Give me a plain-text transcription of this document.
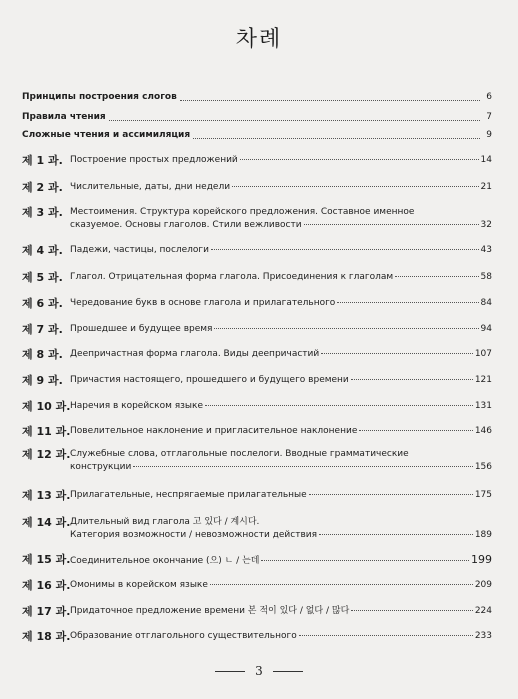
차례
Принципы построения слогов	6
Правила чтения	7
Сложные чтения и ассимиляция	9
제 1 과. Построение простых предложений	14
제 2 과. Числительные, даты, дни недели	21
제 3 과. Местоимения. Структура корейского предложения. Составное именное
сказуемое. Основы глаголов. Стили вежливости	32
제 4 과. Падежи, частицы, послелоги	43
제 5 과. Глагол. Отрицательная форма глагола. Присоединения к глаголам	58
제 6 과. Чередование букв в основе глагола и прилагательного	84
제 7 과. Прошедшее и будущее время	94
제 8 과. Деепричастная форма глагола. Виды деепричастий	107
제 9 과. Причастия настоящего, прошедшего и будущего времени	121
제 10 과. Наречия в корейском языке	131
제 11 과. Повелительное наклонение и пригласительное наклонение	146
제 12 과. Служебные слова, отглагольные послелоги. Вводные грамматические
конструкции	156
제 13 과. Прилагательные, неспрягаемые прилагательные	175
제 14 과. Длительный вид глагола 고 있다 / 계시다.
Категория возможности / невозможности действия	189
제 15 과. Соединительное окончание (으) ㄴ / 는데	199
제 16 과. Омонимы в корейском языке	209
제 17 과. Придаточное предложение времени 본 적이 있다 / 없다 / 많다	224
제 18 과. Образование отглагольного существительного	233
3
